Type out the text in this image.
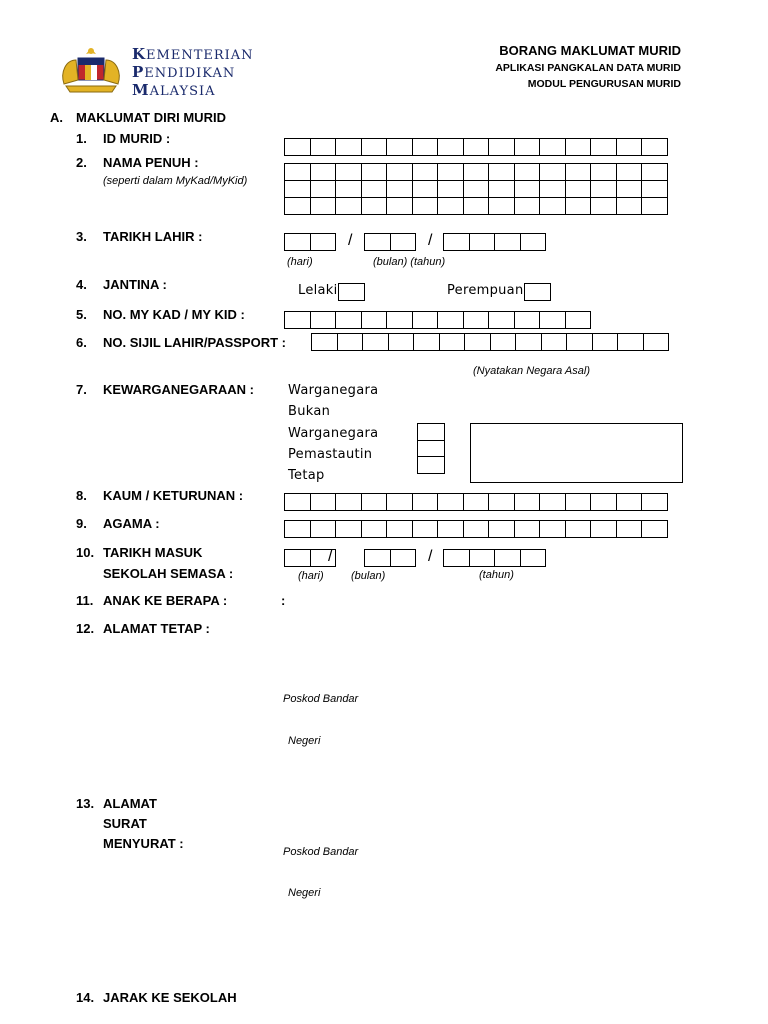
KEMENTERIAN
PENDIDIKAN
MALAYSIA
BORANG MAKLUMAT MURID
APLIKASI PANGKALAN DATA MURID
MODUL PENGURUSAN MURID
A. MAKLUMAT DIRI MURID
1. ID MURID :
2. NAMA PENUH :
(seperti dalam MyKad/MyKid)
3. TARIKH LAHIR :	/	/
(hari)	(bulan) (tahun)
4. JANTINA :	Lelaki	Perempuan
5. NO. MY KAD / MY KID :
6. NO. SIJIL LAHIR/PASSPORT :
(Nyatakan Negara Asal)
7. KEWARGANEGARAAN :	Warganegara
Bukan
Warganegara
Pemastautin
Tetap
8. KAUM / KETURUNAN :
9. AGAMA :
10. TARIKH MASUK
SEKOLAH SEMASA :
/	/
(hari) (bulan)	(tahun)
11. ANAK KE BERAPA :	:
12. ALAMAT TETAP :
Poskod Bandar
Negeri
13. ALAMAT
SURAT
MENYURAT :
Poskod Bandar
Negeri
14. JARAK KE SEKOLAH
